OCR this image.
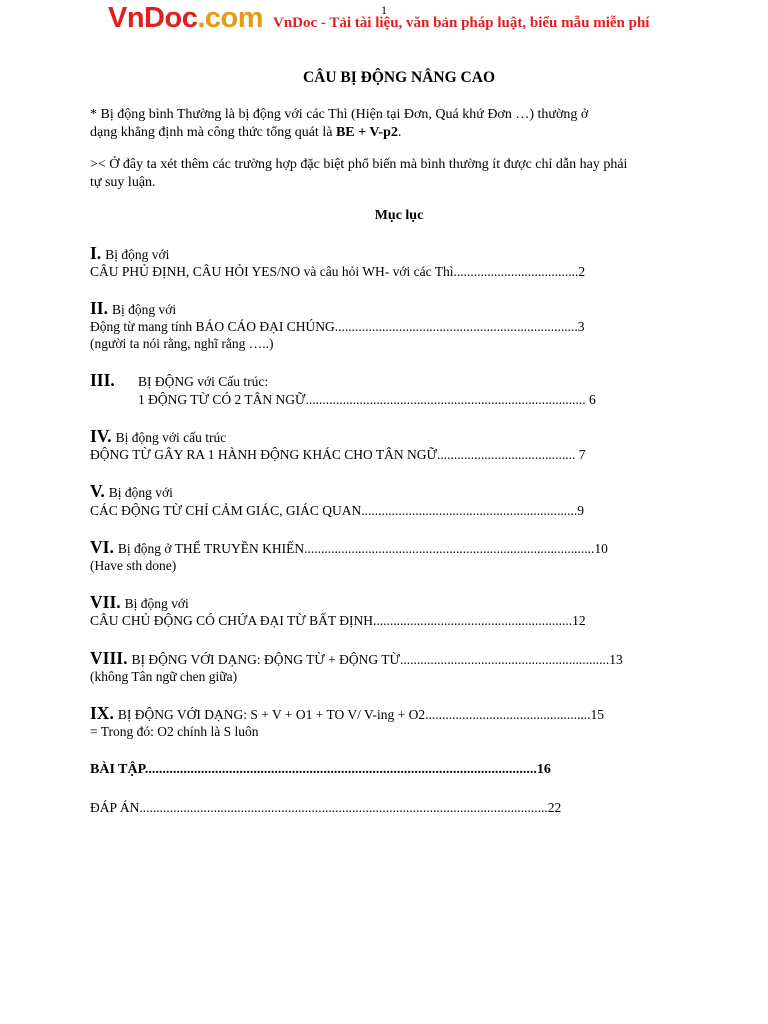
1
VnDoc.com VnDoc - Tải tài liệu, văn bản pháp luật, biểu mẫu miễn phí
CÂU BỊ ĐỘNG NÂNG CAO
* Bị động bình Thường là bị động với các Thì (Hiện tại Đơn, Quá khứ Đơn …) thường ở
dạng khẳng định mà công thức tổng quát là BE + V-p2.
>< Ở đây ta xét thêm các trường hợp đặc biệt phổ biến mà bình thường ít được chỉ dẫn hay phải
tự suy luận.
Mục lục
I. Bị động với
CÂU PHỦ ĐỊNH, CÂU HỎI YES/NO và câu hỏi WH- với các Thì.....................................2
II. Bị động với
Động từ mang tính BÁO CÁO ĐẠI CHÚNG........................................................................3
(người ta nói rằng, nghĩ rằng …..)
III. BỊ ĐỘNG với Cấu trúc:
1 ĐỘNG TỪ CÓ 2 TÂN NGỮ................................................................................... 6
IV. Bị động với cấu trúc
ĐỘNG TỪ GÂY RA 1 HÀNH ĐỘNG KHÁC CHO TÂN NGỮ......................................... 7
V. Bị động với
CÁC ĐỘNG TỪ CHỈ CẢM GIÁC, GIÁC QUAN................................................................9
VI. Bị động ở THỂ TRUYỀN KHIẾN......................................................................................10
(Have sth done)
VII. Bị động với
CÂU CHỦ ĐỘNG CÓ CHỨA ĐẠI TỪ BẤT ĐỊNH...........................................................12
VIII. BỊ ĐỘNG VỚI DẠNG: ĐỘNG TỪ + ĐỘNG TỪ..............................................................13
(không Tân ngữ chen giữa)
IX. BỊ ĐỘNG VỚI DẠNG: S + V + O1 + TO V/ V-ing + O2.................................................15
= Trong đó: O2 chính là S luôn
BÀI TẬP................................................................................................................16
ĐÁP ÁN.........................................................................................................................22
